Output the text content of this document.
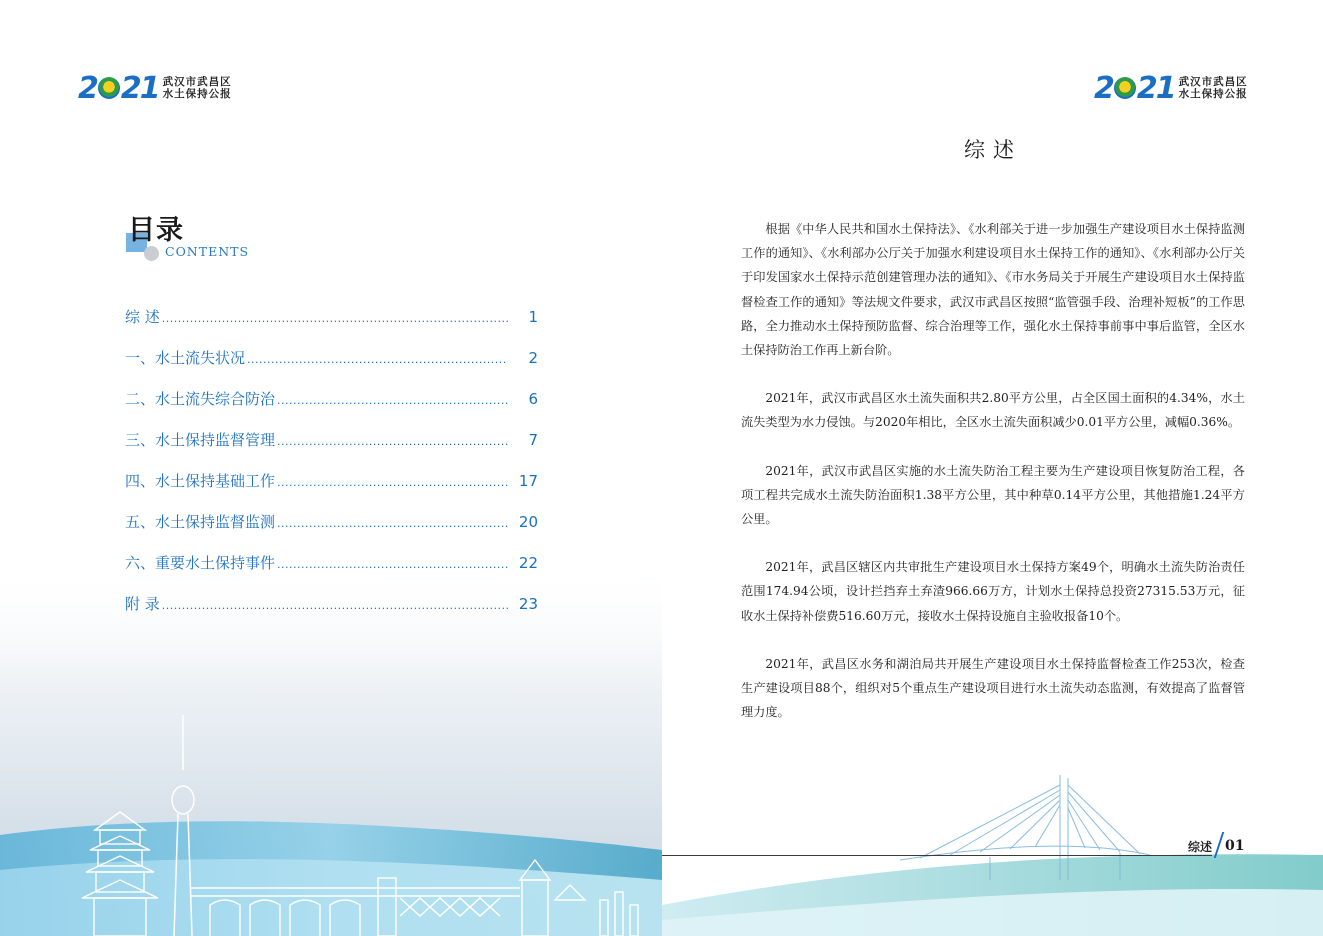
2 21 武汉市武昌区
水土保持公报	2 21 武汉市武昌区
水土保持公报
目录
CONTENTS
综 述 .....	1
一、水土流失状况 .....	2
二、水土流失综合防治 .....	6
三、水土保持监督管理 .....	7
四、水土保持基础工作 .....	17
五、水土保持监督监测 .....	20
六、重要水土保持事件 .....	22
附 录 .....	23
综述

根据《中华人民共和国水土保持法》、《水利部关于进一步加强生产建设项目水土保持监测工作的通知》、《水利部办公厅关于加强水利建设项目水土保持工作的通知》、《水利部办公厅关于印发国家水土保持示范创建管理办法的通知》、《市水务局关于开展生产建设项目水土保持监督检查工作的通知》等法规文件要求，武汉市武昌区按照“监管强手段、治理补短板”的工作思路，全力推动水土保持预防监督、综合治理等工作，强化水土保持事前事中事后监管，全区水土保持防治工作再上新台阶。

2021年，武汉市武昌区水土流失面积共2.80平方公里，占全区国土面积的4.34%，水土流失类型为水力侵蚀。与2020年相比，全区水土流失面积减少0.01平方公里，减幅0.36%。

2021年，武汉市武昌区实施的水土流失防治工程主要为生产建设项目恢复防治工程，各项工程共完成水土流失防治面积1.38平方公里，其中种草0.14平方公里，其他措施1.24平方公里。

2021年，武昌区辖区内共审批生产建设项目水土保持方案49个，明确水土流失防治责任范围174.94公顷，设计拦挡弃土弃渣966.66万方，计划水土保持总投资27315.53万元，征收水土保持补偿费516.60万元，接收水土保持设施自主验收报备10个。

2021年，武昌区水务和湖泊局共开展生产建设项目水土保持监督检查工作253次，检查生产建设项目88个，组织对5个重点生产建设项目进行水土流失动态监测，有效提高了监督管理力度。

综述 01
